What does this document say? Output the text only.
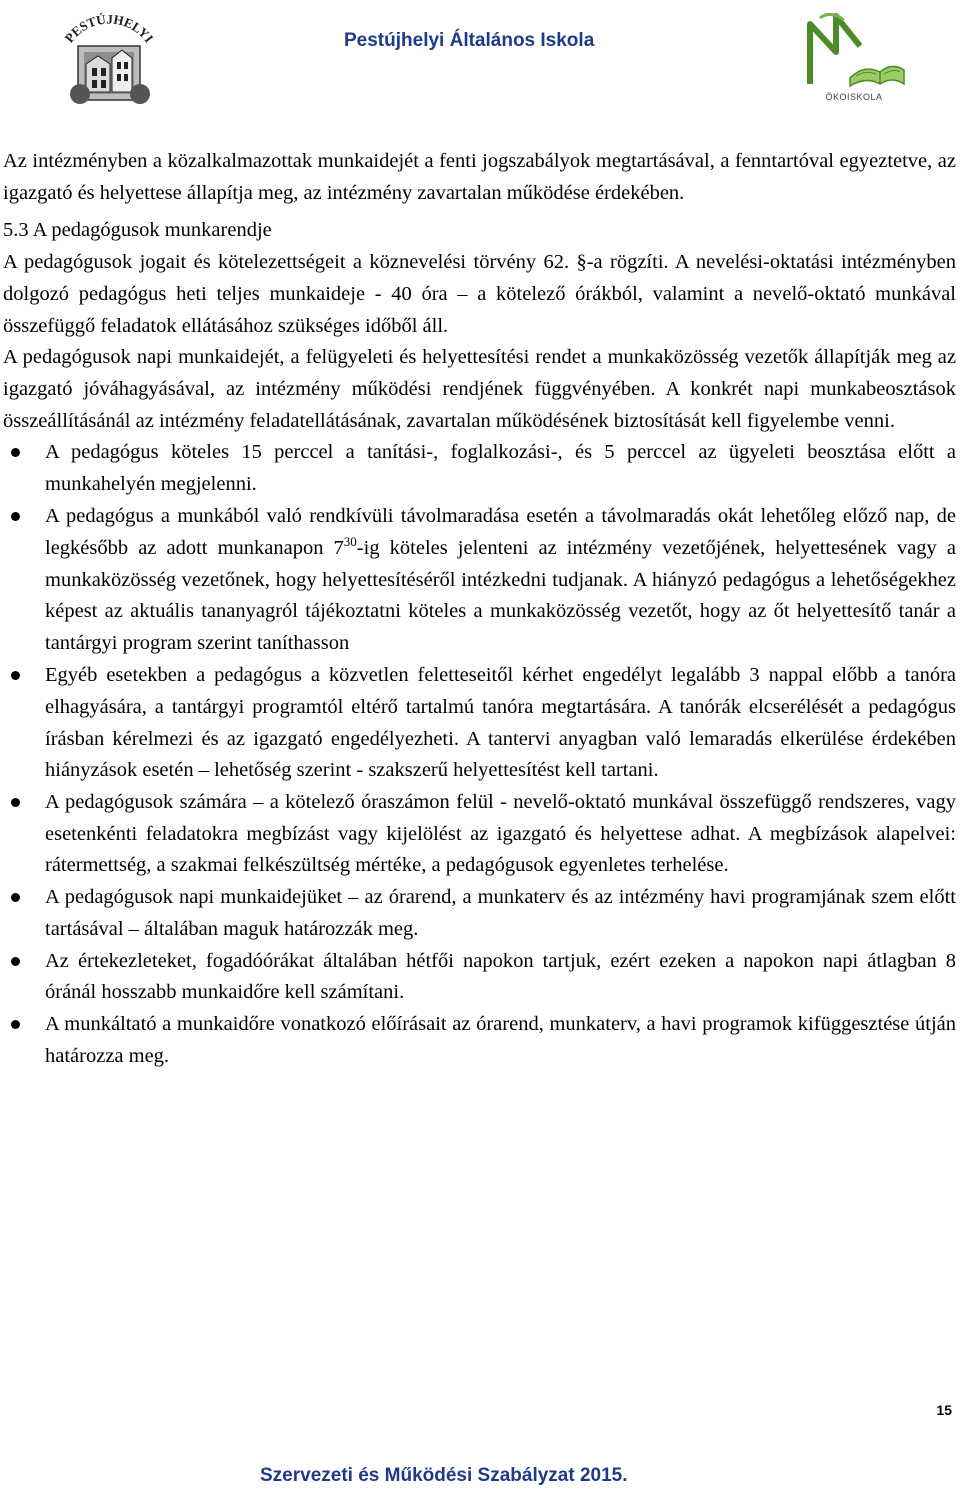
PESTÚJHELYI	Pestújhelyi Általános Iskola
ÖKOISKOLA

Az intézményben a közalkalmazottak munkaidejét a fenti jogszabályok megtartásával, a fenntartóval egyeztetve, az igazgató és helyettese állapítja meg, az intézmény zavartalan működése érdekében.

5.3 A pedagógusok munkarendje

A pedagógusok jogait és kötelezettségeit a köznevelési törvény 62. §-a rögzíti. A nevelési-oktatási intézményben dolgozó pedagógus heti teljes munkaideje - 40 óra – a kötelező órákból, valamint a nevelő-oktató munkával összefüggő feladatok ellátásához szükséges időből áll.

A pedagógusok napi munkaidejét, a felügyeleti és helyettesítési rendet a munkaközösség vezetők állapítják meg az igazgató jóváhagyásával, az intézmény működési rendjének függvényében. A konkrét napi munkabeosztások összeállításánál az intézmény feladatellátásának, zavartalan működésének biztosítását kell figyelembe venni.

A pedagógus köteles 15 perccel a tanítási-, foglalkozási-, és 5 perccel az ügyeleti beosztása előtt a munkahelyén megjelenni.
A pedagógus a munkából való rendkívüli távolmaradása esetén a távolmaradás okát lehetőleg előző nap, de legkésőbb az adott munkanapon $7^{30}-ig$ köteles jelenteni az intézmény vezetőjének, helyettesének vagy a munkaközösség vezetőnek, hogy helyettesítéséről intézkedni tudjanak. A hiányzó pedagógus a lehetőségekhez képest az aktuális tananyagról tájékoztatni köteles a munkaközösség vezetőt, hogy az őt helyettesítő tanár a tantárgyi program szerint taníthasson
Egyéb esetekben a pedagógus a közvetlen feletteseitől kérhet engedélyt legalább 3 nappal előbb a tanóra elhagyására, a tantárgyi programtól eltérő tartalmú tanóra megtartására. A tanórák elcserélését a pedagógus írásban kérelmezi és az igazgató engedélyezheti. A tantervi anyagban való lemaradás elkerülése érdekében hiányzások esetén – lehetőség szerint - szakszerű helyettesítést kell tartani.
A pedagógusok számára – a kötelező óraszámon felül - nevelő-oktató munkával összefüggő rendszeres, vagy esetenkénti feladatokra megbízást vagy kijelölést az igazgató és helyettese adhat. A megbízások alapelvei: rátermettség, a szakmai felkészültség mértéke, a pedagógusok egyenletes terhelése.
A pedagógusok napi munkaidejüket – az órarend, a munkaterv és az intézmény havi programjának szem előtt tartásával – általában maguk határozzák meg.
Az értekezleteket, fogadóórákat általában hétfői napokon tartjuk, ezért ezeken a napokon napi átlagban 8 óránál hosszabb munkaidőre kell számítani.
A munkáltató a munkaidőre vonatkozó előírásait az órarend, munkaterv, a havi programok kifüggesztése útján határozza meg.
15
Szervezeti és Működési Szabályzat 2015.
